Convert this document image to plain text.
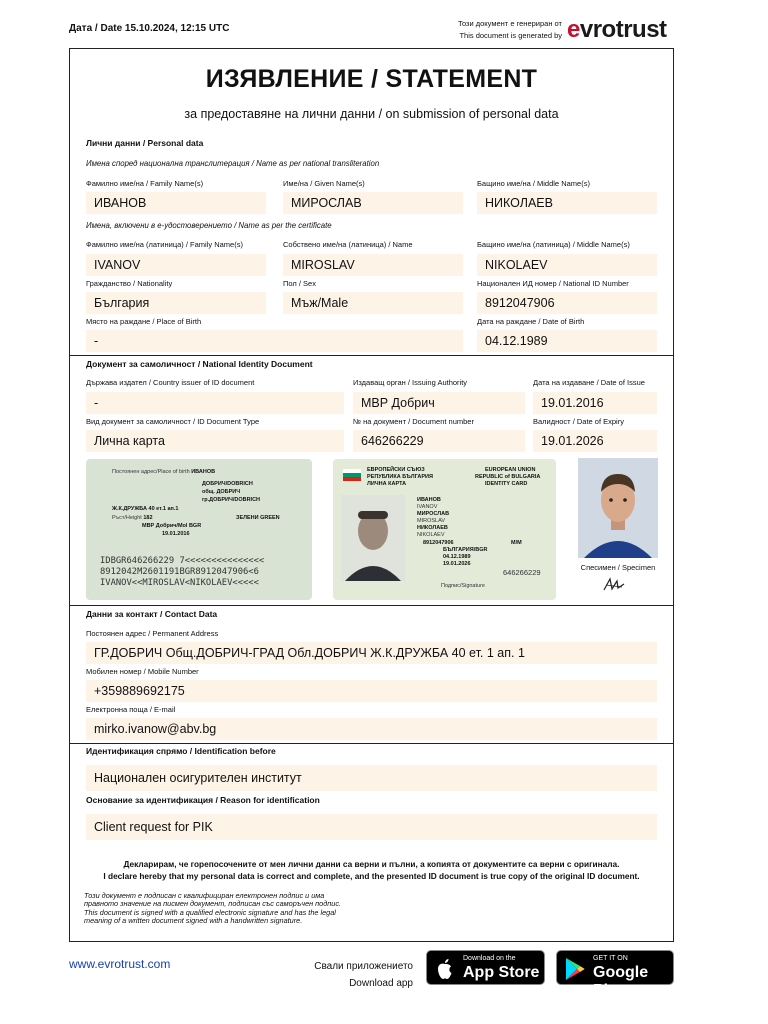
Дата / Date 15.10.2024, 12:15 UTC	Този документ е генериран от
This document is generated by evrotrust
ИЗЯВЛЕНИЕ / STATEMENT
за предоставяне на лични данни / on submission of personal data
Лични данни / Personal data
Имена според национална транслитерация / Name as per national transliteration
Фамилно име/на / Family Name(s)	Име/на / Given Name(s)	Бащино име/на / Middle Name(s)
ИВАНОВ	МИРОСЛАВ	НИКОЛАЕВ
Имена, включени в е-удостоверението / Name as per the certificate
Фамилно име/на (латиница) / Family Name(s)	Собствено име/на (латиница) / Name	Бащино име/на (латиница) / Middle Name(s)
IVANOV	MIROSLAV	NIKOLAEV
Гражданство / Nationality	Пол / Sex	Национален ИД номер / National ID Number
България	Мъж/Male	8912047906
Място на раждане / Place of Birth	Дата на раждане / Date of Birth
-	04.12.1989
Документ за самоличност / National Identity Document
Държава издател / Country issuer of ID document	Издаващ орган / Issuing Authority	Дата на издаване / Date of Issue
-	МВР Добрич	19.01.2016
Вид документ за самоличност / ID Document Type	№ на документ / Document number	Валидност / Date of Expiry
Лична карта	646266229	19.01.2026
Постоянен адрес/Place of birth ИВАНОВ
ДОБРИЧ/DOBRICH
общ. ДОБРИЧ
гр.ДОБРИЧ/DOBRICH
Ж.К.ДРУЖБА 40 ет.1 ап.1
Ръст/Height 182	ЗЕЛЕНИ GREEN
МВР Добрич/Mol BGR
19.01.2016
IDBGR646266229 7<<<<<<<<<<<<<<<
8912042M2601191BGR8912047906<6
IVANOV<<MIROSLAV<NIKOLAEV<<<<<
ЕВРОПЕЙСКИ СЪЮЗ
РЕПУБЛИКА БЪЛГАРИЯ
ЛИЧНА КАРТА
EUROPEAN UNION
REPUBLIC of BULGARIA
IDENTITY CARD
ИВАНОВ
IVANOV
МИРОСЛАВ
MIROSLAV
НИКОЛАЕВ
NIKOLAEV
8912047906	М/М
БЪЛГАРИЯ/BGR
04.12.1989
19.01.2026
646266229
Подпис/Signature
Спесимен / Specimen
Данни за контакт / Contact Data
Постоянен адрес / Permanent Address
ГР.ДОБРИЧ Общ.ДОБРИЧ-ГРАД Обл.ДОБРИЧ Ж.К.ДРУЖБА 40 ет. 1 ап. 1
Мобилен номер / Mobile Number
+359889692175
Електронна поща / E-mail
mirko.ivanow@abv.bg
Идентификация спрямо / Identification before
Национален осигурителен институт
Основание за идентификация / Reason for identification
Client request for PIK
Декларирам, че горепосочените от мен лични данни са верни и пълни, а копията от документите са верни с оригинала.
I declare hereby that my personal data is correct and complete, and the presented ID document is true copy of the original ID document.
Този документ е подписан с квалифициран електронен подпис и има
правното значение на писмен документ, подписан със саморъчен подпис.
This document is signed with a qualified electronic signature and has the legal
meaning of a written document signed with a handwritten signature.
www.evrotrust.com	Свали приложението
Download app
Download on the
App Store
GET IT ON
Google Play
